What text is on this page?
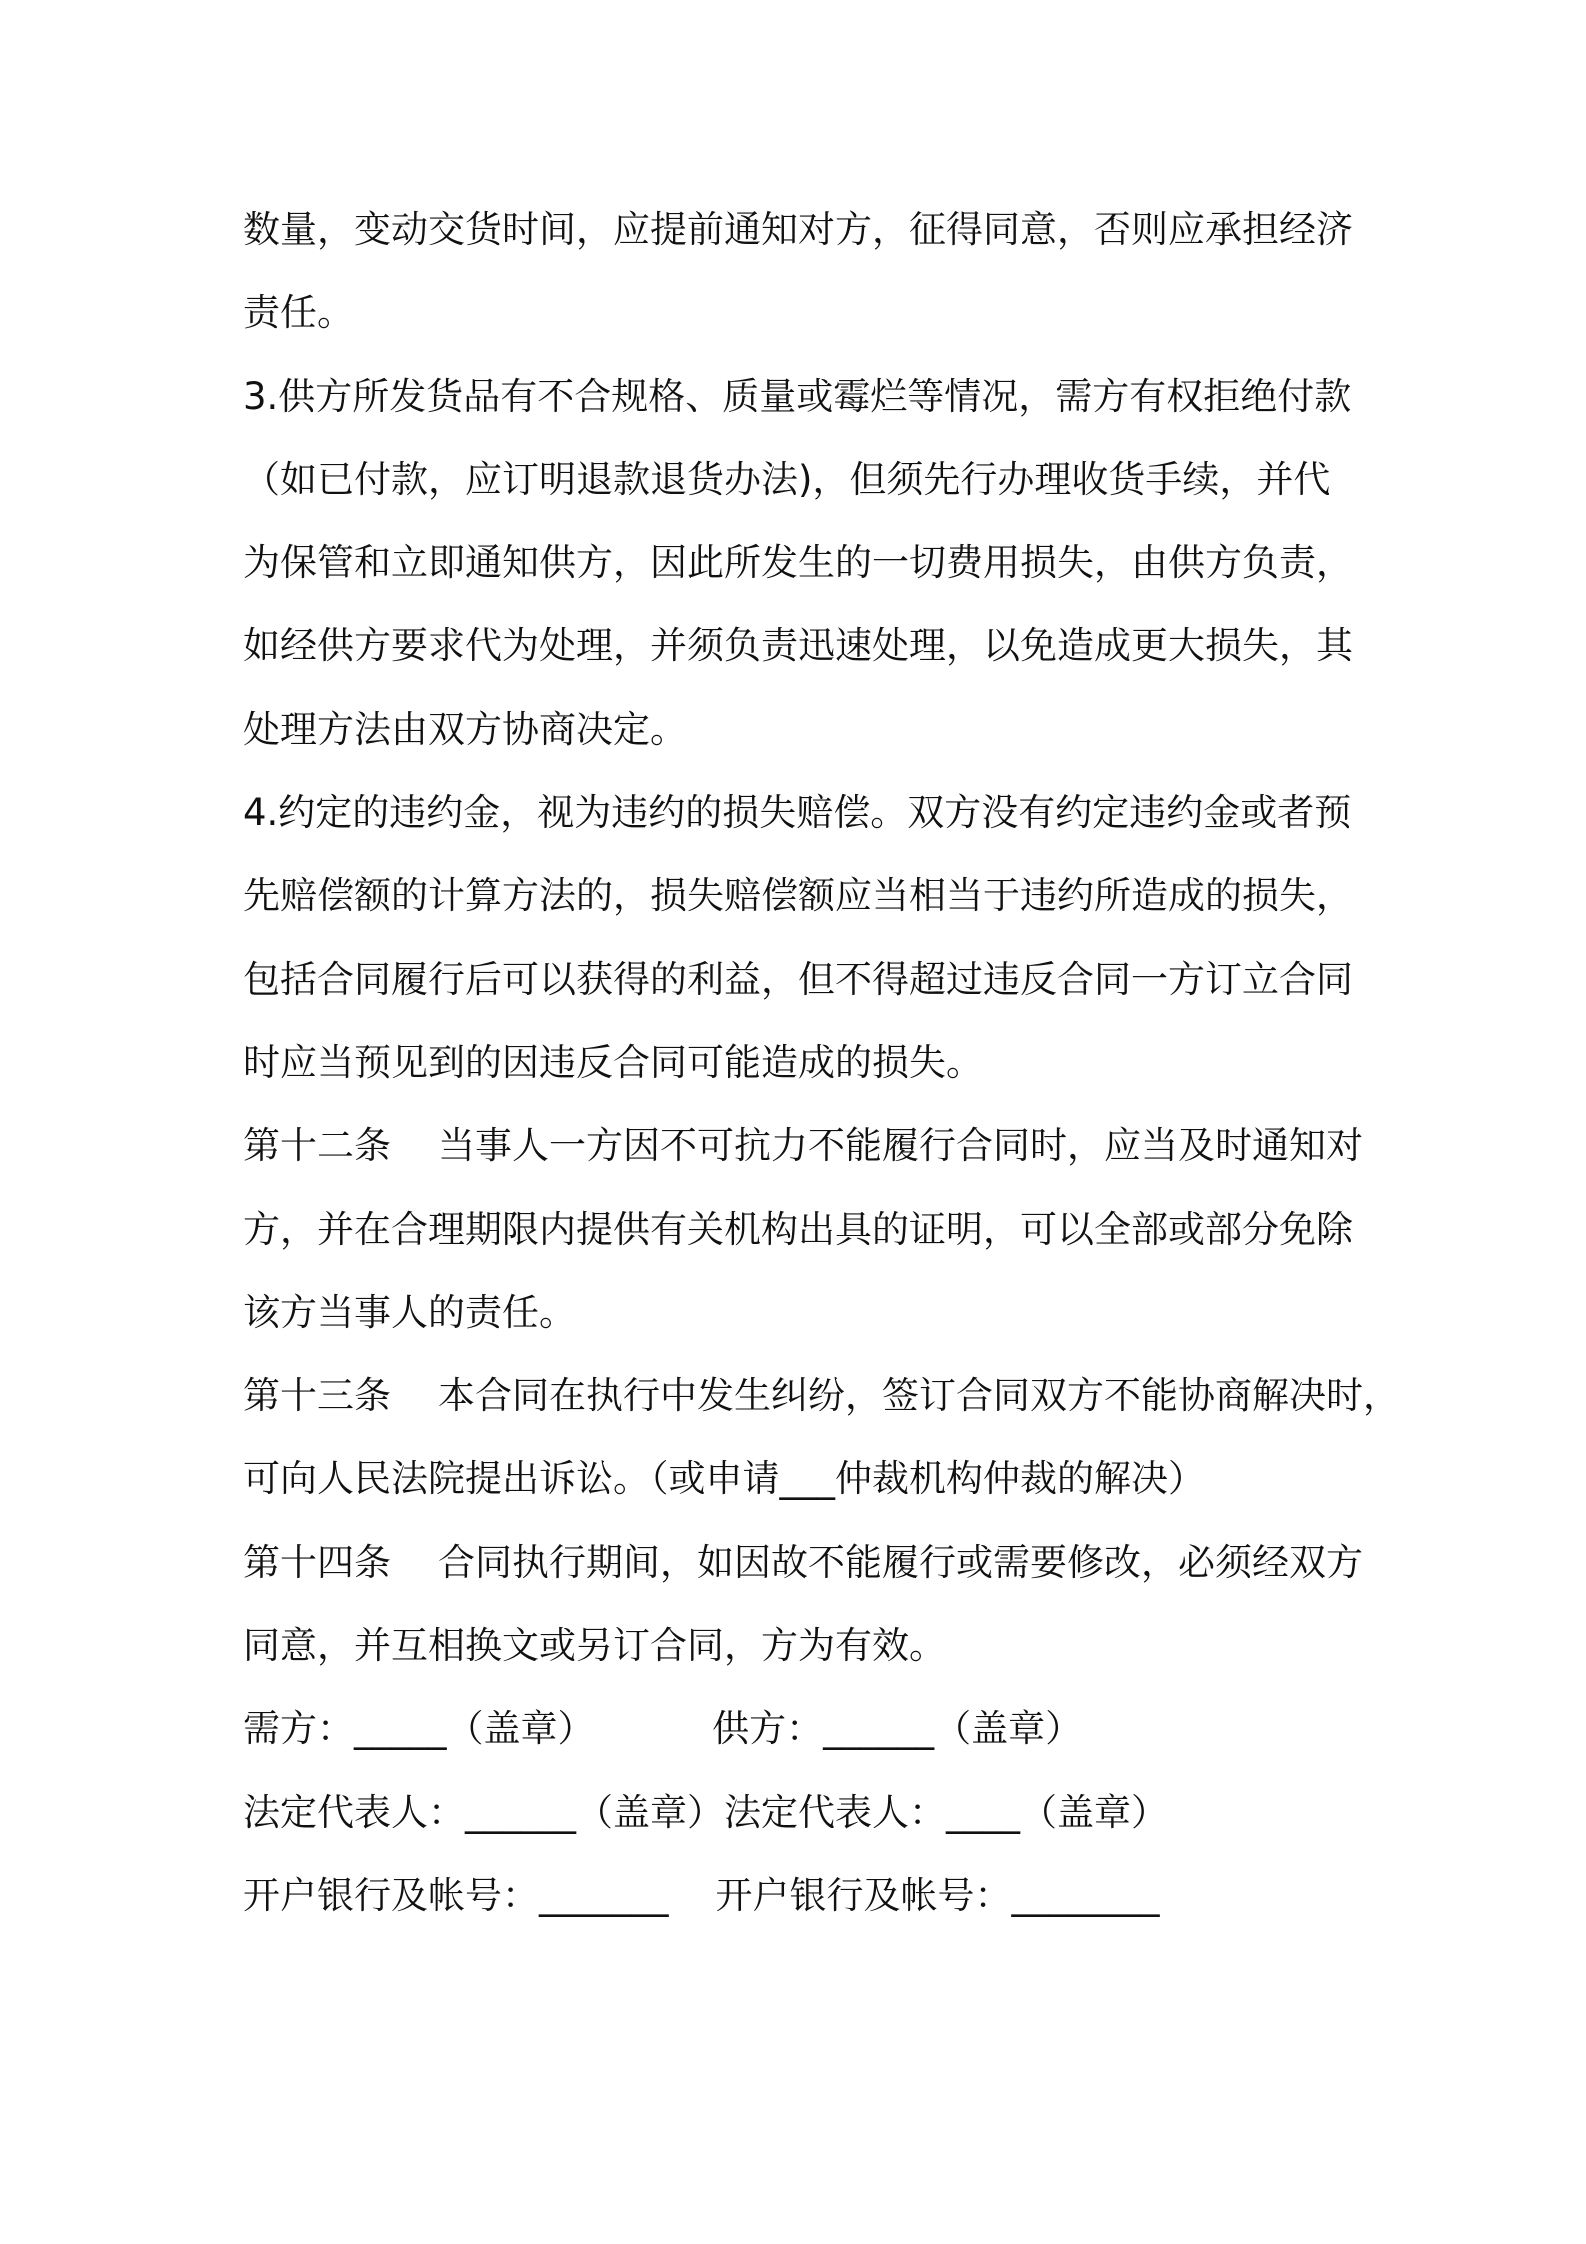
数量，变动交货时间，应提前通知对方，征得同意，否则应承担经济
责任。
3.供方所发货品有不合规格、质量或霉烂等情况，需方有权拒绝付款
（如已付款，应订明退款退货办法)，但须先行办理收货手续，并代
为保管和立即通知供方，因此所发生的一切费用损失，由供方负责，
如经供方要求代为处理，并须负责迅速处理，以免造成更大损失，其
处理方法由双方协商决定。
4.约定的违约金，视为违约的损失赔偿。双方没有约定违约金或者预
先赔偿额的计算方法的，损失赔偿额应当相当于违约所造成的损失，
包括合同履行后可以获得的利益，但不得超过违反合同一方订立合同
时应当预见到的因违反合同可能造成的损失。
第十二条    当事人一方因不可抗力不能履行合同时，应当及时通知对
方，并在合理期限内提供有关机构出具的证明，可以全部或部分免除
该方当事人的责任。
第十三条    本合同在执行中发生纠纷，签订合同双方不能协商解决时，
可向人民法院提出诉讼。（或申请___仲裁机构仲裁的解决）
第十四条    合同执行期间，如因故不能履行或需要修改，必须经双方
同意，并互相换文或另订合同，方为有效。
需方：_____（盖章）          供方：______（盖章）
法定代表人：______（盖章）法定代表人：____（盖章）
开户银行及帐号：_______    开户银行及帐号：________
